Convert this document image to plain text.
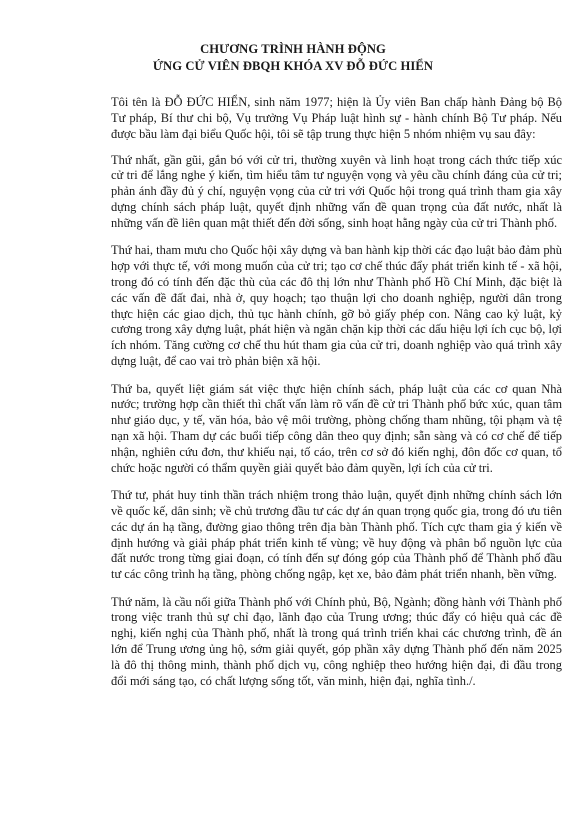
CHƯƠNG TRÌNH HÀNH ĐỘNG
ỨNG CỬ VIÊN ĐBQH KHÓA XV ĐỖ ĐỨC HIỂN

Tôi tên là ĐỖ ĐỨC HIỂN, sinh năm 1977; hiện là Ủy viên Ban chấp hành Đảng bộ Bộ Tư pháp, Bí thư chi bộ, Vụ trưởng Vụ Pháp luật hình sự - hành chính Bộ Tư pháp. Nếu được bầu làm đại biểu Quốc hội, tôi sẽ tập trung thực hiện 5 nhóm nhiệm vụ sau đây:

Thứ nhất, gần gũi, gắn bó với cử tri, thường xuyên và linh hoạt trong cách thức tiếp xúc cử tri để lắng nghe ý kiến, tìm hiểu tâm tư nguyện vọng và yêu cầu chính đáng của cử tri; phản ánh đầy đủ ý chí, nguyện vọng của cử tri với Quốc hội trong quá trình tham gia xây dựng chính sách pháp luật, quyết định những vấn đề quan trọng của đất nước, nhất là những vấn đề liên quan mật thiết đến đời sống, sinh hoạt hằng ngày của cử tri Thành phố.

Thứ hai, tham mưu cho Quốc hội xây dựng và ban hành kịp thời các đạo luật bảo đảm phù hợp với thực tế, với mong muốn của cử tri; tạo cơ chế thúc đẩy phát triển kinh tế - xã hội, trong đó có tính đến đặc thù của các đô thị lớn như Thành phố Hồ Chí Minh, đặc biệt là các vấn đề đất đai, nhà ở, quy hoạch; tạo thuận lợi cho doanh nghiệp, người dân trong thực hiện các giao dịch, thủ tục hành chính, gỡ bỏ giấy phép con. Nâng cao kỷ luật, kỷ cương trong xây dựng luật, phát hiện và ngăn chặn kịp thời các dấu hiệu lợi ích cục bộ, lợi ích nhóm. Tăng cường cơ chế thu hút tham gia của cử tri, doanh nghiệp vào quá trình xây dựng luật, để cao vai trò phản biện xã hội.

Thứ ba, quyết liệt giám sát việc thực hiện chính sách, pháp luật của các cơ quan Nhà nước; trường hợp cần thiết thì chất vấn làm rõ vấn đề cử tri Thành phố bức xúc, quan tâm như giáo dục, y tế, văn hóa, bảo vệ môi trường, phòng chống tham nhũng, tội phạm và tệ nạn xã hội. Tham dự các buổi tiếp công dân theo quy định; sẵn sàng và có cơ chế để tiếp nhận, nghiên cứu đơn, thư khiếu nại, tố cáo, trên cơ sở đó kiến nghị, đôn đốc cơ quan, tổ chức hoặc người có thẩm quyền giải quyết bảo đảm quyền, lợi ích của cử tri.

Thứ tư, phát huy tinh thần trách nhiệm trong thảo luận, quyết định những chính sách lớn về quốc kế, dân sinh; về chủ trương đầu tư các dự án quan trọng quốc gia, trong đó ưu tiên các dự án hạ tầng, đường giao thông trên địa bàn Thành phố. Tích cực tham gia ý kiến về định hướng và giải pháp phát triển kinh tế vùng; về huy động và phân bổ nguồn lực của đất nước trong từng giai đoạn, có tính đến sự đóng góp của Thành phố để Thành phố đầu tư các công trình hạ tầng, phòng chống ngập, kẹt xe, bảo đảm phát triển nhanh, bền vững.

Thứ năm, là cầu nối giữa Thành phố với Chính phủ, Bộ, Ngành; đồng hành với Thành phố trong việc tranh thủ sự chỉ đạo, lãnh đạo của Trung ương; thúc đẩy có hiệu quả các đề nghị, kiến nghị của Thành phố, nhất là trong quá trình triển khai các chương trình, đề án lớn để Trung ương ủng hộ, sớm giải quyết, góp phần xây dựng Thành phố đến năm 2025 là đô thị thông minh, thành phố dịch vụ, công nghiệp theo hướng hiện đại, đi đầu trong đổi mới sáng tạo, có chất lượng sống tốt, văn minh, hiện đại, nghĩa tình./.
